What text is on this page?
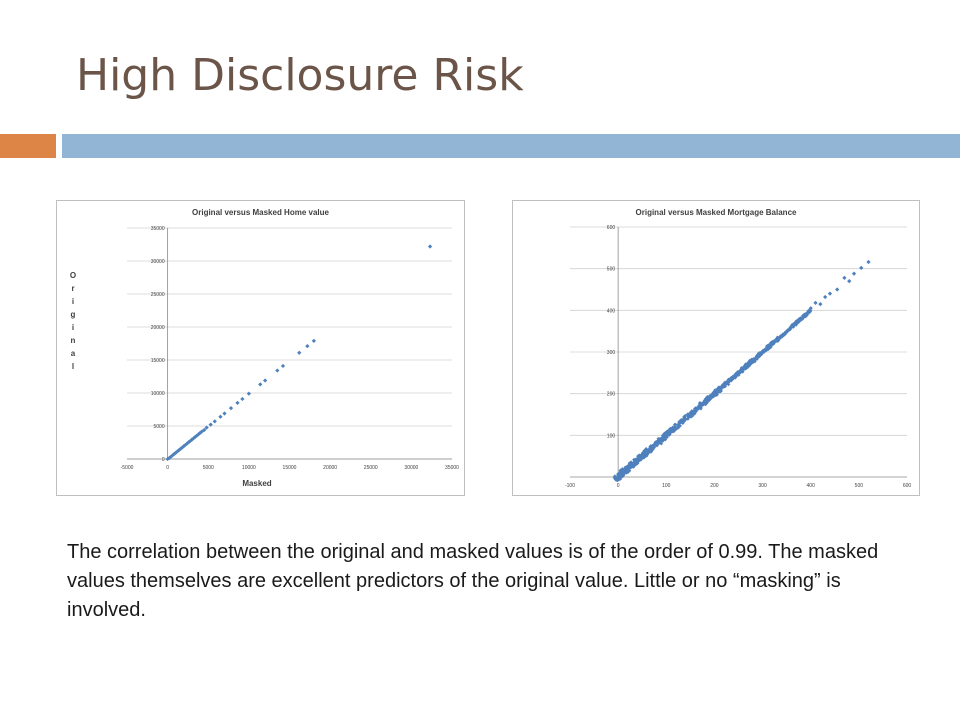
High Disclosure Risk
Original versus Masked Home value
0
5000
10000
15000
20000
25000
30000
35000
-5000	0	5000	10000	15000	20000	25000	30000	35000
Masked
O
r
i
g
i
n
a
l
Original versus Masked Mortgage Balance
100
200
300
400
500
600
-100	0	100	200	300	400	500	600
The correlation between the original and masked values is of the order of 0.99. The masked values themselves are excellent predictors of the original value. Little or no “masking” is involved.
